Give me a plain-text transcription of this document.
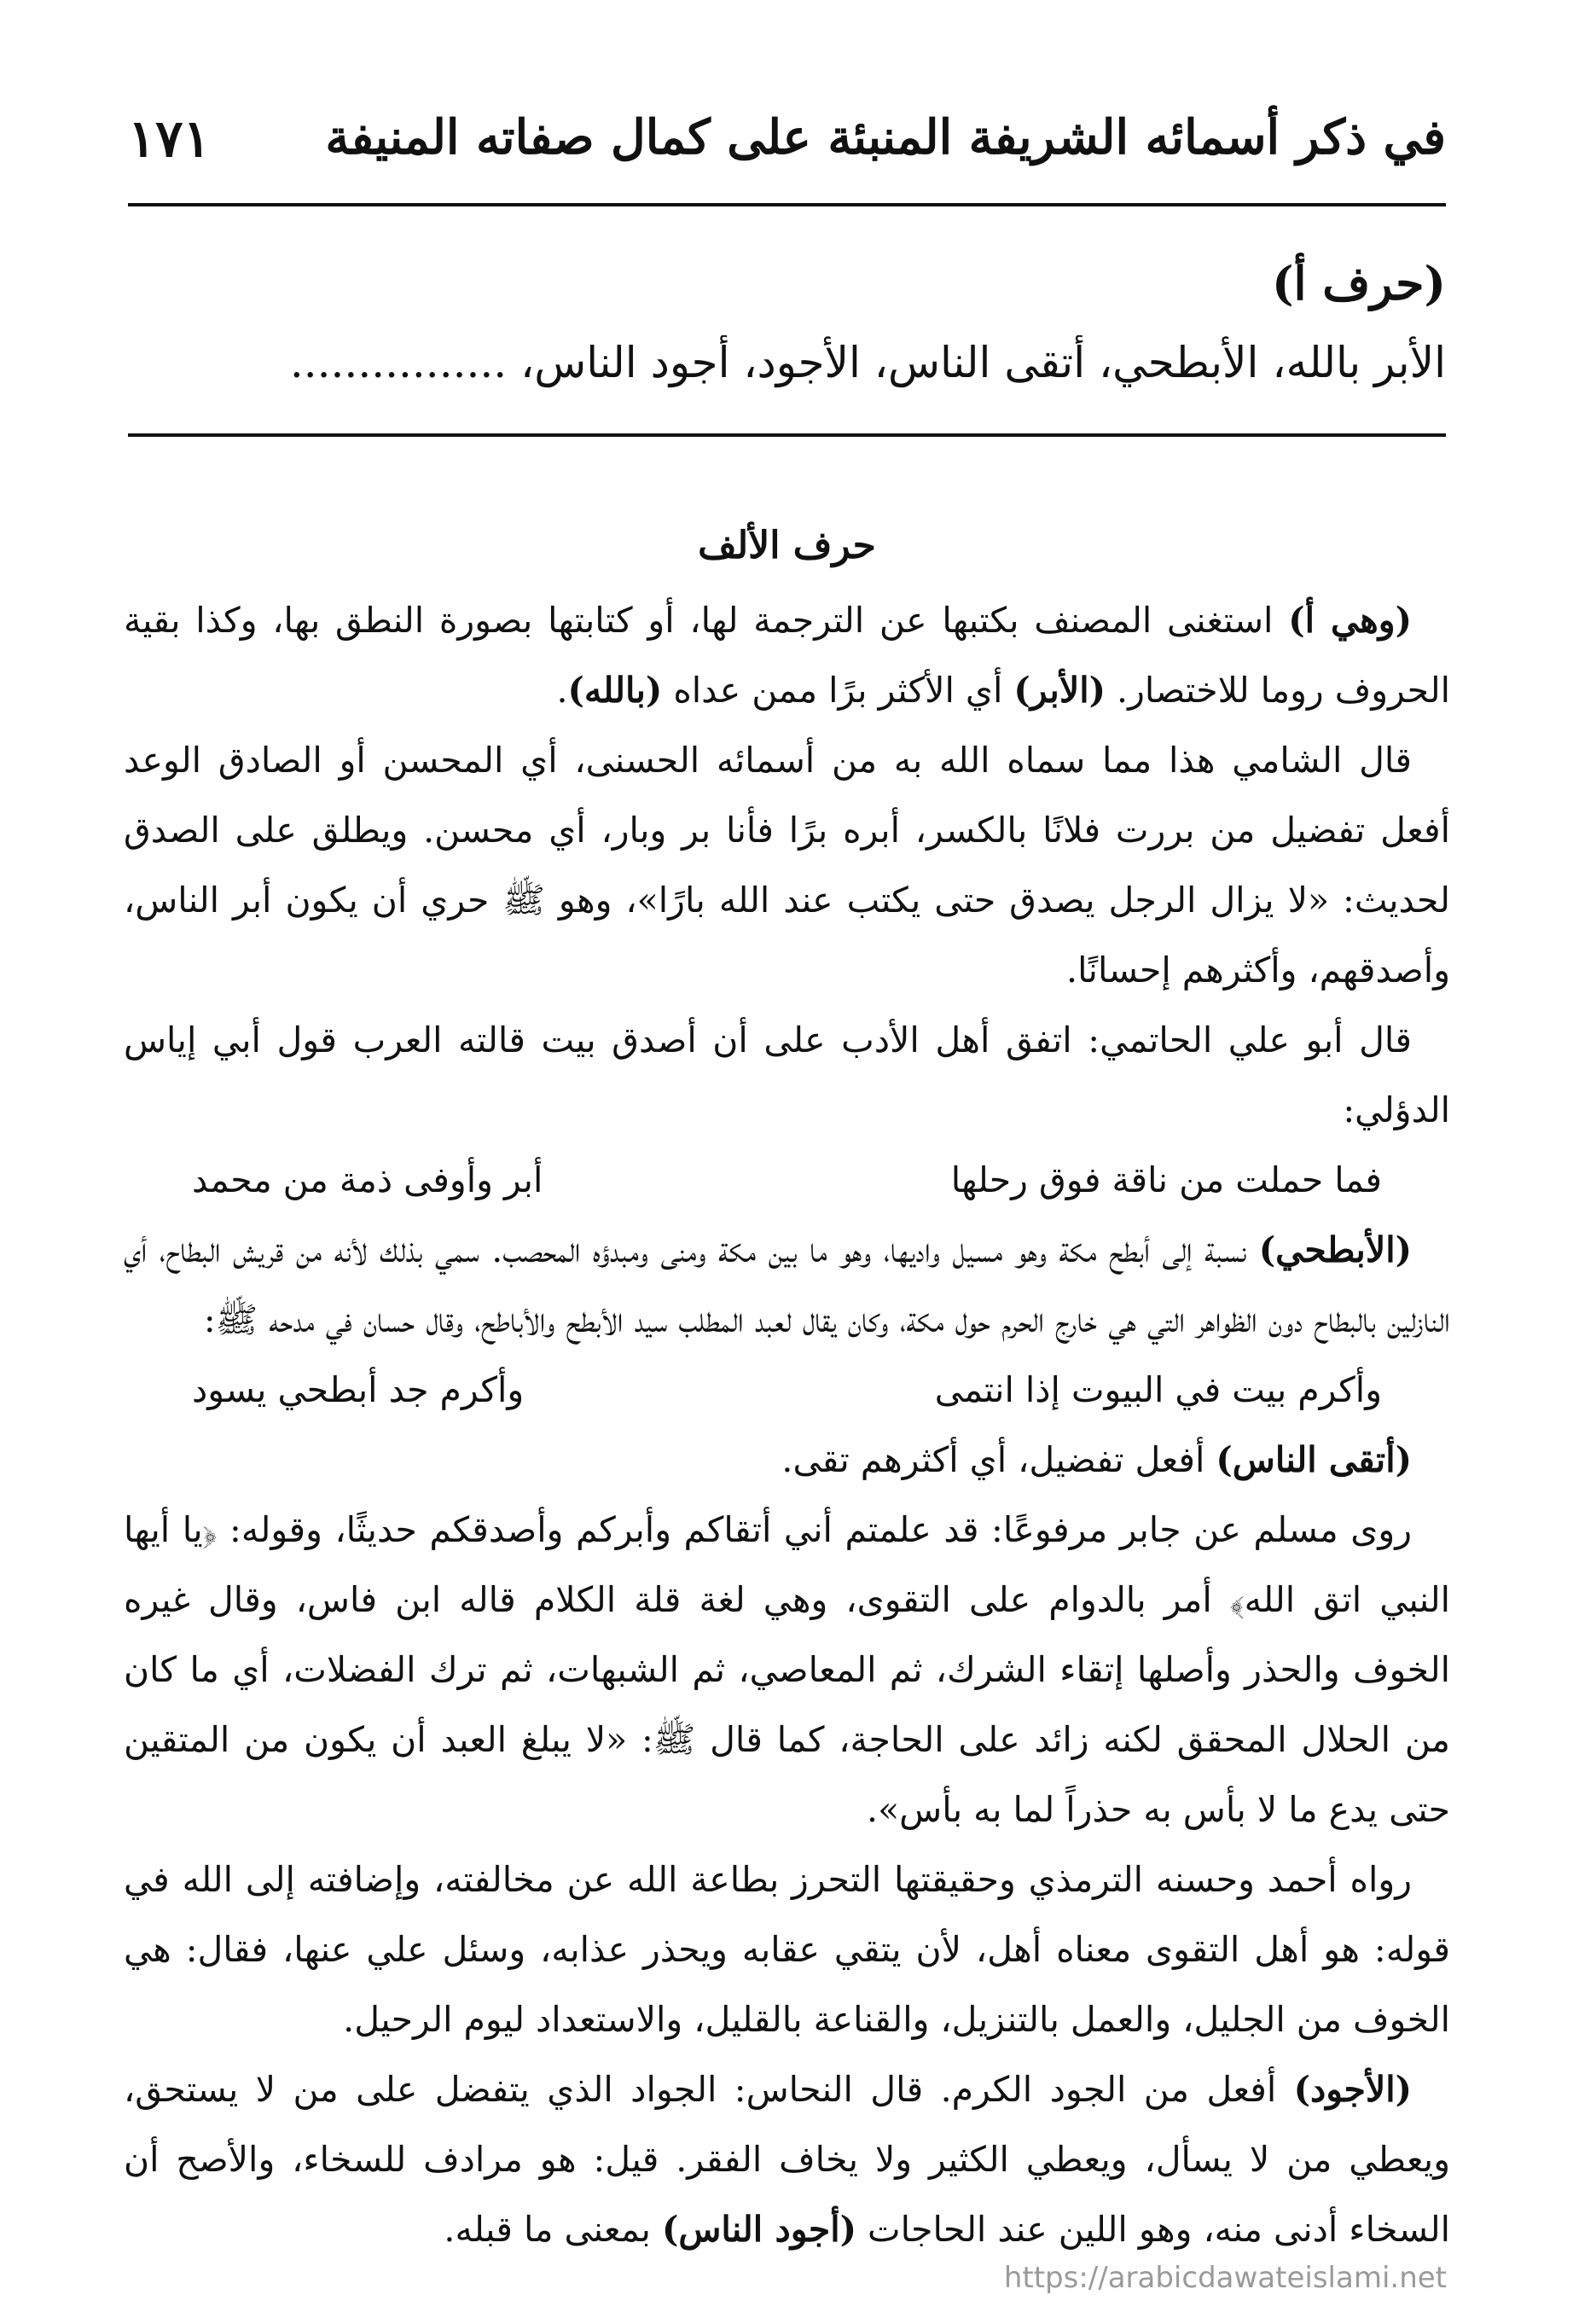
في ذكر أسمائه الشريفة المنبئة على كمال صفاته المنيفة
١٧١
(حرف أ)
الأبر بالله، الأبطحي، أتقى الناس، الأجود، أجود الناس، ................
حرف الألف

(وهي أ) استغنى المصنف بكتبها عن الترجمة لها، أو كتابتها بصورة النطق بها، وكذا بقية الحروف روما للاختصار. (الأبر) أي الأكثر برًا ممن عداه (بالله).

قال الشامي هذا مما سماه الله به من أسمائه الحسنى، أي المحسن أو الصادق الوعد أفعل تفضيل من بررت فلانًا بالكسر، أبره برًا فأنا بر وبار، أي محسن. ويطلق على الصدق لحديث: «لا يزال الرجل يصدق حتى يكتب عند الله بارًا»، وهو ﷺ حري أن يكون أبر الناس، وأصدقهم، وأكثرهم إحسانًا.

قال أبو علي الحاتمي: اتفق أهل الأدب على أن أصدق بيت قالته العرب قول أبي إياس الدؤلي:

فما حملت من ناقة فوق رحلها
أبر وأوفى ذمة من محمد

(الأبطحي) نسبة إلى أبطح مكة وهو مسيل واديها، وهو ما بين مكة ومنى ومبدؤه المحصب. سمي بذلك لأنه من قريش البطاح، أي النازلين بالبطاح دون الظواهر التي هي خارج الحرم حول مكة، وكان يقال لعبد المطلب سيد الأبطح والأباطح، وقال حسان في مدحه ﷺ:

وأكرم بيت في البيوت إذا انتمى
وأكرم جد أبطحي يسود

(أتقى الناس) أفعل تفضيل، أي أكثرهم تقى.

روى مسلم عن جابر مرفوعًا: قد علمتم أني أتقاكم وأبركم وأصدقكم حديثًا، وقوله: ﴿يا أيها النبي اتق الله﴾ أمر بالدوام على التقوى، وهي لغة قلة الكلام قاله ابن فاس، وقال غيره الخوف والحذر وأصلها إتقاء الشرك، ثم المعاصي، ثم الشبهات، ثم ترك الفضلات، أي ما كان من الحلال المحقق لكنه زائد على الحاجة، كما قال ﷺ: «لا يبلغ العبد أن يكون من المتقين حتى يدع ما لا بأس به حذراً لما به بأس».

رواه أحمد وحسنه الترمذي وحقيقتها التحرز بطاعة الله عن مخالفته، وإضافته إلى الله في قوله: هو أهل التقوى معناه أهل، لأن يتقي عقابه ويحذر عذابه، وسئل علي عنها، فقال: هي الخوف من الجليل، والعمل بالتنزيل، والقناعة بالقليل، والاستعداد ليوم الرحيل.

(الأجود) أفعل من الجود الكرم. قال النحاس: الجواد الذي يتفضل على من لا يستحق، ويعطي من لا يسأل، ويعطي الكثير ولا يخاف الفقر. قيل: هو مرادف للسخاء، والأصح أن السخاء أدنى منه، وهو اللين عند الحاجات (أجود الناس) بمعنى ما قبله.

https://arabicdawateislami.net
